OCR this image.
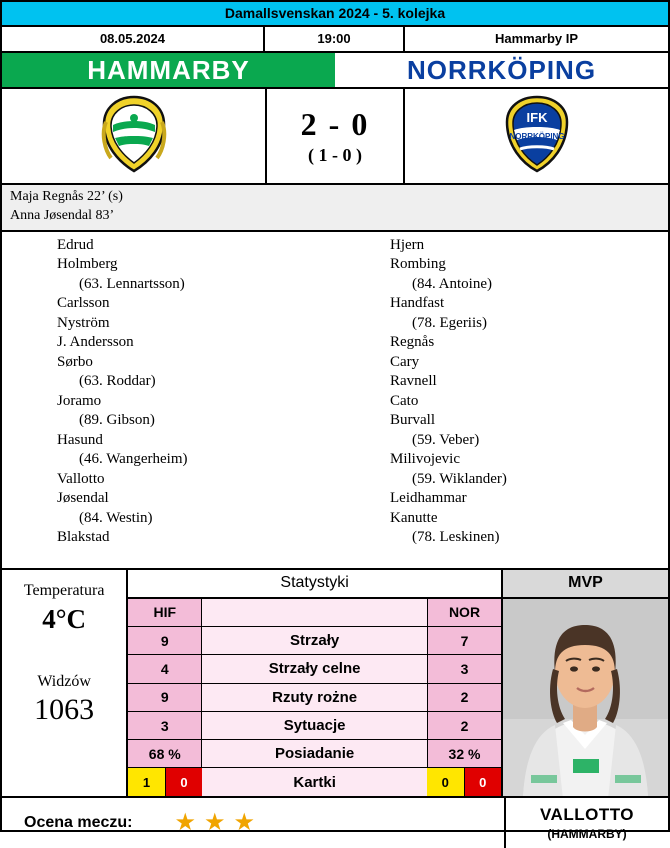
Damallsvenskan 2024 - 5. kolejka
08.05.2024	19:00	Hammarby IP
HAMMARBY	NORRKÖPING
2 - 0
( 1 - 0 )
IFK
NORRKÖPING
Maja Regnås 22’ (s)
Anna Jøsendal 83’
Edrud
Holmberg
(63. Lennartsson)
Carlsson
Nyström
J. Andersson
Sørbo
(63. Roddar)
Joramo
(89. Gibson)
Hasund
(46. Wangerheim)
Vallotto
Jøsendal
(84. Westin)
Blakstad
Hjern
Rombing
(84. Antoine)
Handfast
(78. Egeriis)
Regnås
Cary
Ravnell
Cato
Burvall
(59. Veber)
Milivojevic
(59. Wiklander)
Leidhammar
Kanutte
(78. Leskinen)
Temperatura
4°C
Widzów
1063
Statystyki
HIF	NOR
9	Strzały	7
4	Strzały celne	3
9	Rzuty rożne	2
3	Sytuacje	2
68 %	Posiadanie	32 %
1	0	Kartki	0	0
MVP
Ocena meczu: ★ ★ ★	VALLOTTO
(HAMMARBY)
